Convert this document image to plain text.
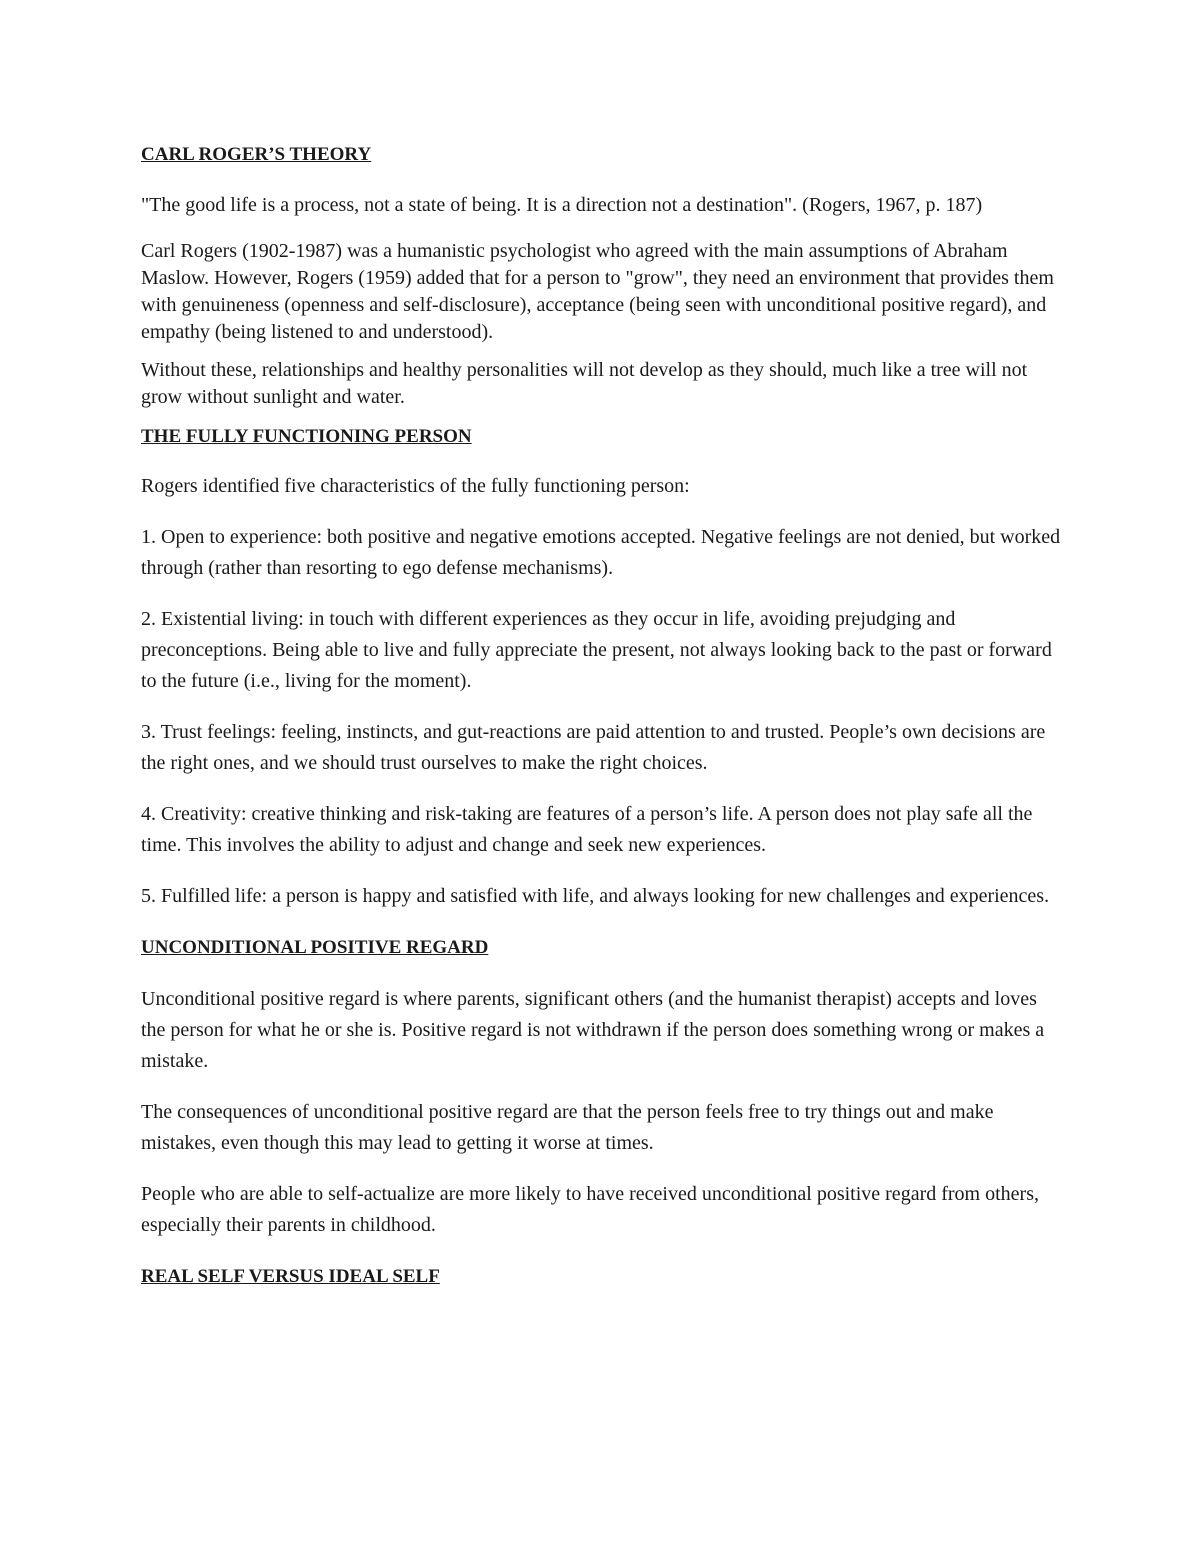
CARL ROGER’S THEORY
"The good life is a process, not a state of being. It is a direction not a destination". (Rogers, 1967, p. 187)
Carl Rogers (1902-1987) was a humanistic psychologist who agreed with the main assumptions of Abraham Maslow. However, Rogers (1959) added that for a person to "grow", they need an environment that provides them with genuineness (openness and self-disclosure), acceptance (being seen with unconditional positive regard), and empathy (being listened to and understood).
Without these, relationships and healthy personalities will not develop as they should, much like a tree will not grow without sunlight and water.
THE FULLY FUNCTIONING PERSON
Rogers identified five characteristics of the fully functioning person:
1. Open to experience: both positive and negative emotions accepted. Negative feelings are not denied, but worked through (rather than resorting to ego defense mechanisms).
2. Existential living: in touch with different experiences as they occur in life, avoiding prejudging and preconceptions. Being able to live and fully appreciate the present, not always looking back to the past or forward to the future (i.e., living for the moment).
3. Trust feelings: feeling, instincts, and gut-reactions are paid attention to and trusted. People’s own decisions are the right ones, and we should trust ourselves to make the right choices.
4. Creativity: creative thinking and risk-taking are features of a person’s life. A person does not play safe all the time. This involves the ability to adjust and change and seek new experiences.
5. Fulfilled life: a person is happy and satisfied with life, and always looking for new challenges and experiences.
UNCONDITIONAL POSITIVE REGARD
Unconditional positive regard is where parents, significant others (and the humanist therapist) accepts and loves the person for what he or she is. Positive regard is not withdrawn if the person does something wrong or makes a mistake.
The consequences of unconditional positive regard are that the person feels free to try things out and make mistakes, even though this may lead to getting it worse at times.
People who are able to self-actualize are more likely to have received unconditional positive regard from others, especially their parents in childhood.
REAL SELF VERSUS IDEAL SELF
